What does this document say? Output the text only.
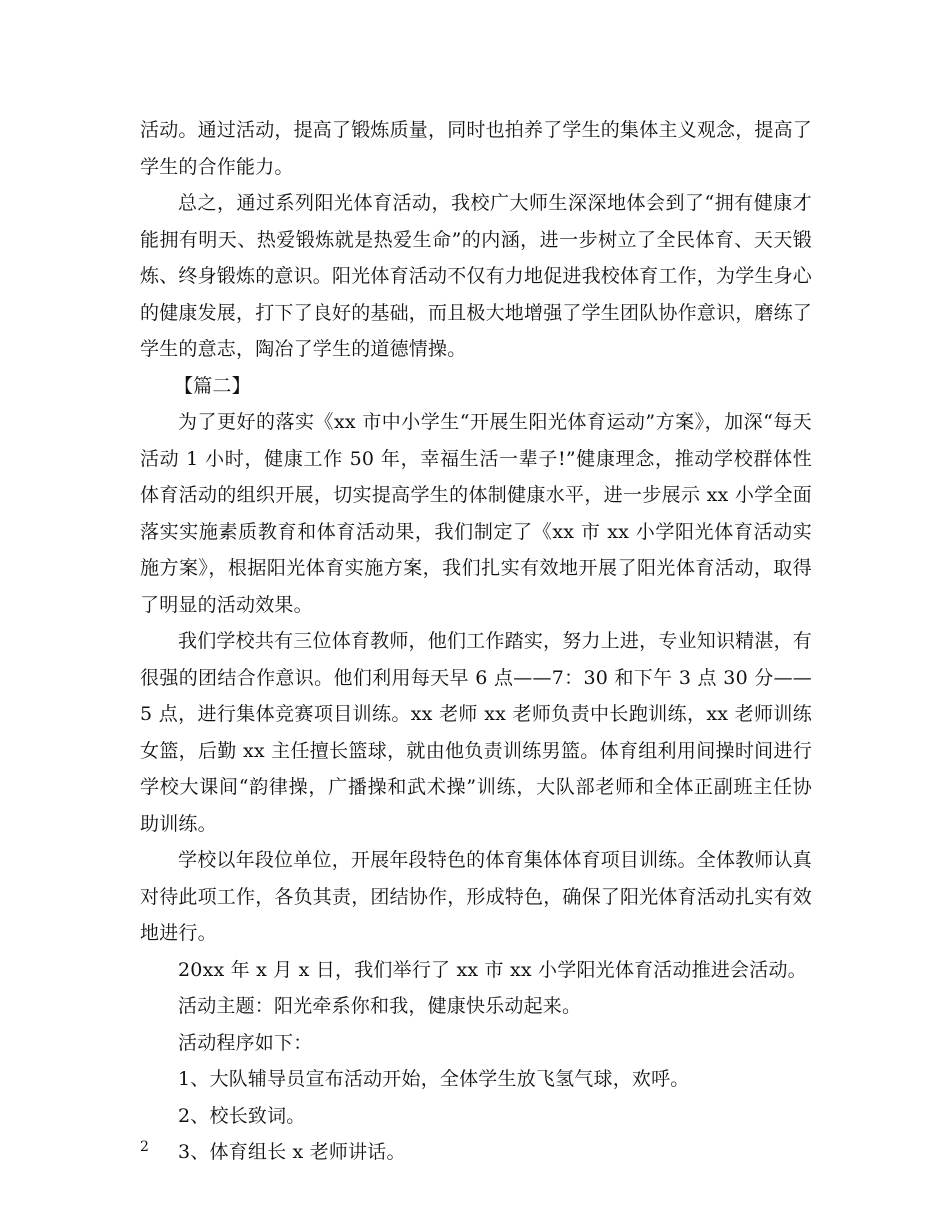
活动。通过活动，提高了锻炼质量，同时也拍养了学生的集体主义观念，提高了学生的合作能力。

总之，通过系列阳光体育活动，我校广大师生深深地体会到了“拥有健康才能拥有明天、热爱锻炼就是热爱生命”的内涵，进一步树立了全民体育、天天锻炼、终身锻炼的意识。阳光体育活动不仅有力地促进我校体育工作，为学生身心的健康发展，打下了良好的基础，而且极大地增强了学生团队协作意识，磨练了学生的意志，陶冶了学生的道德情操。

【篇二】

为了更好的落实《xx 市中小学生“开展生阳光体育运动”方案》，加深“每天活动 1 小时，健康工作 50 年，幸福生活一辈子!”健康理念，推动学校群体性体育活动的组织开展，切实提高学生的体制健康水平，进一步展示 xx 小学全面落实实施素质教育和体育活动果，我们制定了《xx 市 xx 小学阳光体育活动实施方案》，根据阳光体育实施方案，我们扎实有效地开展了阳光体育活动，取得了明显的活动效果。

我们学校共有三位体育教师，他们工作踏实，努力上进，专业知识精湛，有很强的团结合作意识。他们利用每天早 6 点——7：30 和下午 3 点 30 分——5 点，进行集体竞赛项目训练。xx 老师 xx 老师负责中长跑训练，xx 老师训练女篮，后勤 xx 主任擅长篮球，就由他负责训练男篮。体育组利用间操时间进行学校大课间“韵律操，广播操和武术操”训练，大队部老师和全体正副班主任协助训练。

学校以年段位单位，开展年段特色的体育集体体育项目训练。全体教师认真对待此项工作，各负其责，团结协作，形成特色，确保了阳光体育活动扎实有效地进行。

20xx 年 x 月 x 日，我们举行了 xx 市 xx 小学阳光体育活动推进会活动。

活动主题：阳光牵系你和我，健康快乐动起来。

活动程序如下：

1、大队辅导员宣布活动开始，全体学生放飞氢气球，欢呼。

2、校长致词。

3、体育组长 x 老师讲话。

2
